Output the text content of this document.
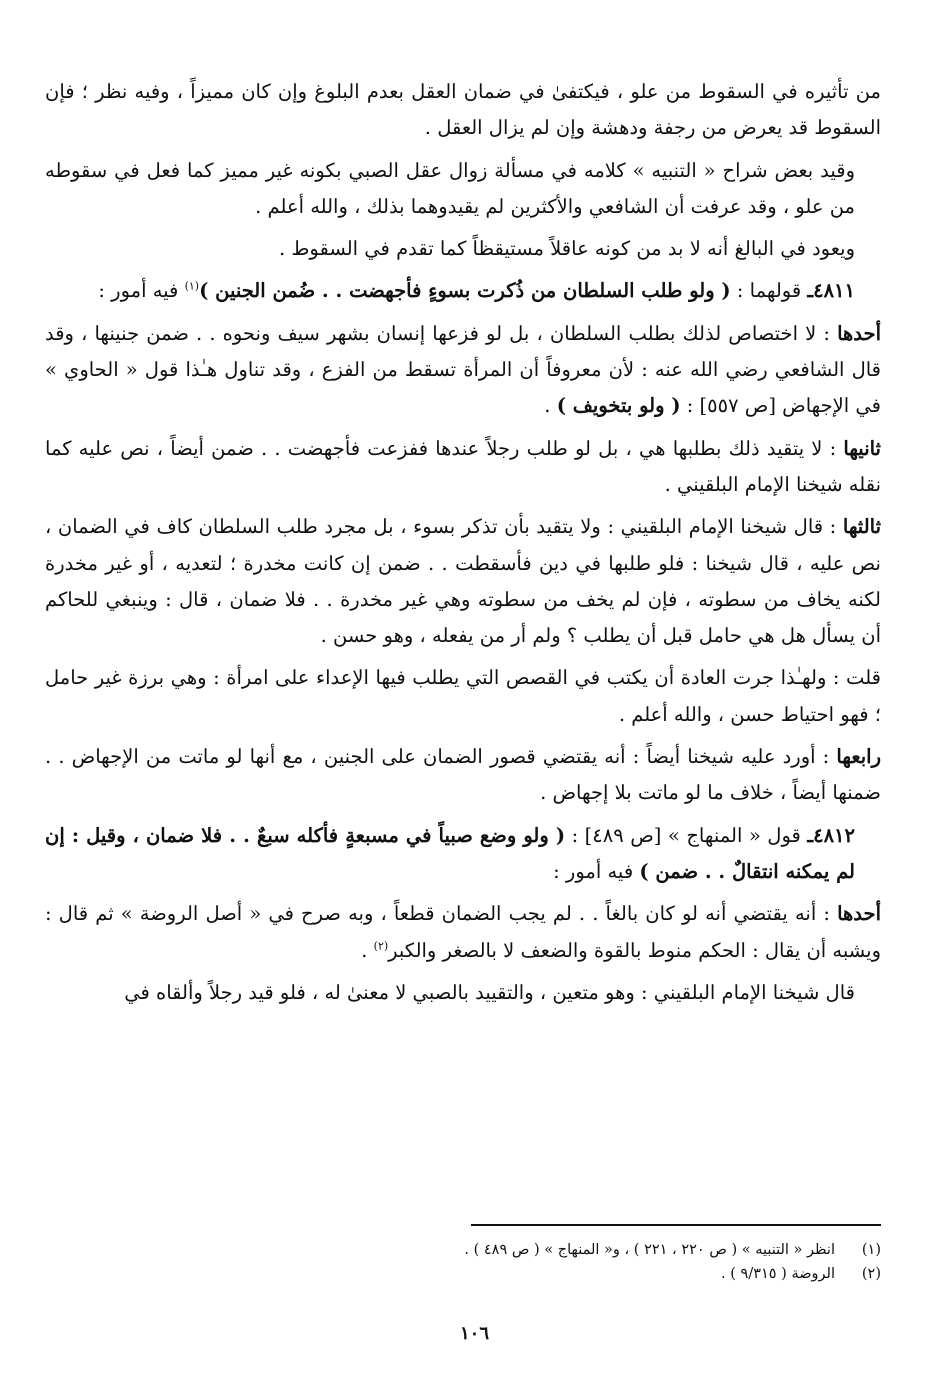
من تأثيره في السقوط من علو ، فيكتفىٰ في ضمان العقل بعدم البلوغ وإن كان مميزاً ، وفيه نظر ؛ فإن السقوط قد يعرض من رجفة ودهشة وإن لم يزال العقل .

وقيد بعض شراح « التنبيه » كلامه في مسألة زوال عقل الصبي بكونه غير مميز كما فعل في سقوطه من علو ، وقد عرفت أن الشافعي والأكثرين لم يقيدوهما بذلك ، والله أعلم .

ويعود في البالغ أنه لا بد من كونه عاقلاً مستيقظاً كما تقدم في السقوط .

٤٨١١ـ قولهما : ( ولو طلب السلطان من ذُكرت بسوءٍ فأجهضت . . ضُمن الجنين )$^{(١)}$ فيه أمور :

أحدها : لا اختصاص لذلك بطلب السلطان ، بل لو فزعها إنسان بشهر سيف ونحوه . . ضمن جنينها ، وقد قال الشافعي رضي الله عنه : لأن معروفاً أن المرأة تسقط من الفزع ، وقد تناول هـٰذا قول « الحاوي » في الإجهاض [ص ٥٥٧] : ( ولو بتخويف ) .

ثانيها : لا يتقيد ذلك بطلبها هي ، بل لو طلب رجلاً عندها ففزعت فأجهضت . . ضمن أيضاً ، نص عليه كما نقله شيخنا الإمام البلقيني .

ثالثها : قال شيخنا الإمام البلقيني : ولا يتقيد بأن تذكر بسوء ، بل مجرد طلب السلطان كاف في الضمان ، نص عليه ، قال شيخنا : فلو طلبها في دين فأسقطت . . ضمن إن كانت مخدرة ؛ لتعديه ، أو غير مخدرة لكنه يخاف من سطوته ، فإن لم يخف من سطوته وهي غير مخدرة . . فلا ضمان ، قال : وينبغي للحاكم أن يسأل هل هي حامل قبل أن يطلب ؟ ولم أر من يفعله ، وهو حسن .

قلت : ولهـٰذا جرت العادة أن يكتب في القصص التي يطلب فيها الإعداء على امرأة : وهي برزة غير حامل ؛ فهو احتياط حسن ، والله أعلم .

رابعها : أورد عليه شيخنا أيضاً : أنه يقتضي قصور الضمان على الجنين ، مع أنها لو ماتت من الإجهاض . . ضمنها أيضاً ، خلاف ما لو ماتت بلا إجهاض .

٤٨١٢ـ قول « المنهاج » [ص ٤٨٩] : ( ولو وضع صبياً في مسبعةٍ فأكله سبعٌ . . فلا ضمان ، وقيل : إن لم يمكنه انتقالٌ . . ضمن ) فيه أمور :

أحدها : أنه يقتضي أنه لو كان بالغاً . . لم يجب الضمان قطعاً ، وبه صرح في « أصل الروضة » ثم قال : ويشبه أن يقال : الحكم منوط بالقوة والضعف لا بالصغر والكبر$^{(٢)}$ .

قال شيخنا الإمام البلقيني : وهو متعين ، والتقييد بالصبي لا معنىٰ له ، فلو قيد رجلاً وألقاه في

(١)
انظر « التنبيه » ( ص ٢٢٠ ، ٢٢١ ) ، و« المنهاج » ( ص ٤٨٩ ) .
(٢)
الروضة ( ٩/٣١٥ ) .
١٠٦
